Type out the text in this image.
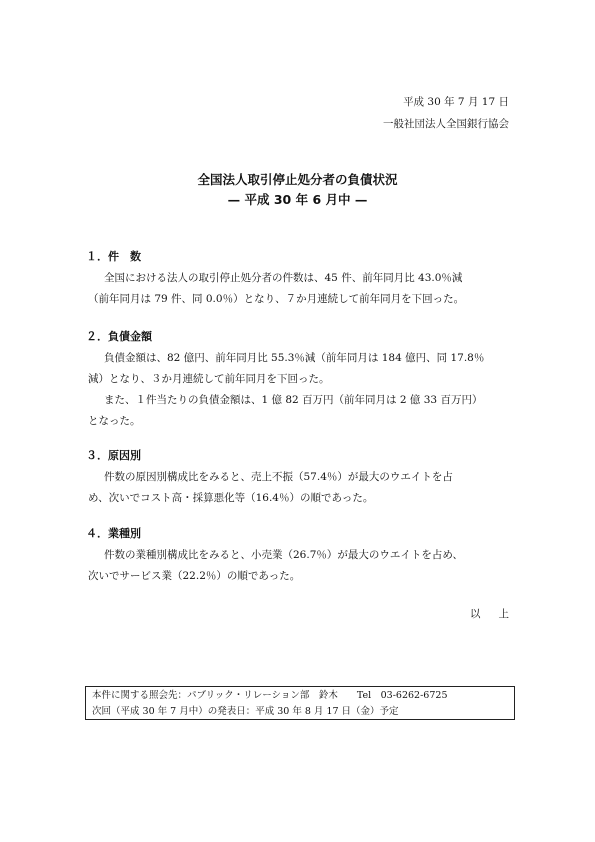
平成 30 年 7 月 17 日
一般社団法人全国銀行協会
全国法人取引停止処分者の負債状況
— 平成 30 年 6 月中 —
１．件　数
全国における法人の取引停止処分者の件数は、45 件、前年同月比 43.0％減
（前年同月は 79 件、同 0.0％）となり、７か月連続して前年同月を下回った。
２．負債金額
負債金額は、82 億円、前年同月比 55.3％減（前年同月は 184 億円、同 17.8％
減）となり、３か月連続して前年同月を下回った。
また、１件当たりの負債金額は、1 億 82 百万円（前年同月は 2 億 33 百万円）
となった。
３．原因別
件数の原因別構成比をみると、売上不振（57.4％）が最大のウエイトを占
め、次いでコスト高・採算悪化等（16.4％）の順であった。
４．業種別
件数の業種別構成比をみると、小売業（26.7％）が最大のウエイトを占め、
次いでサービス業（22.2％）の順であった。
以上
本件に関する照会先：パブリック・リレーション部　鈴木　　Tel　03-6262-6725
次回（平成 30 年 7 月中）の発表日：平成 30 年 8 月 17 日（金）予定
